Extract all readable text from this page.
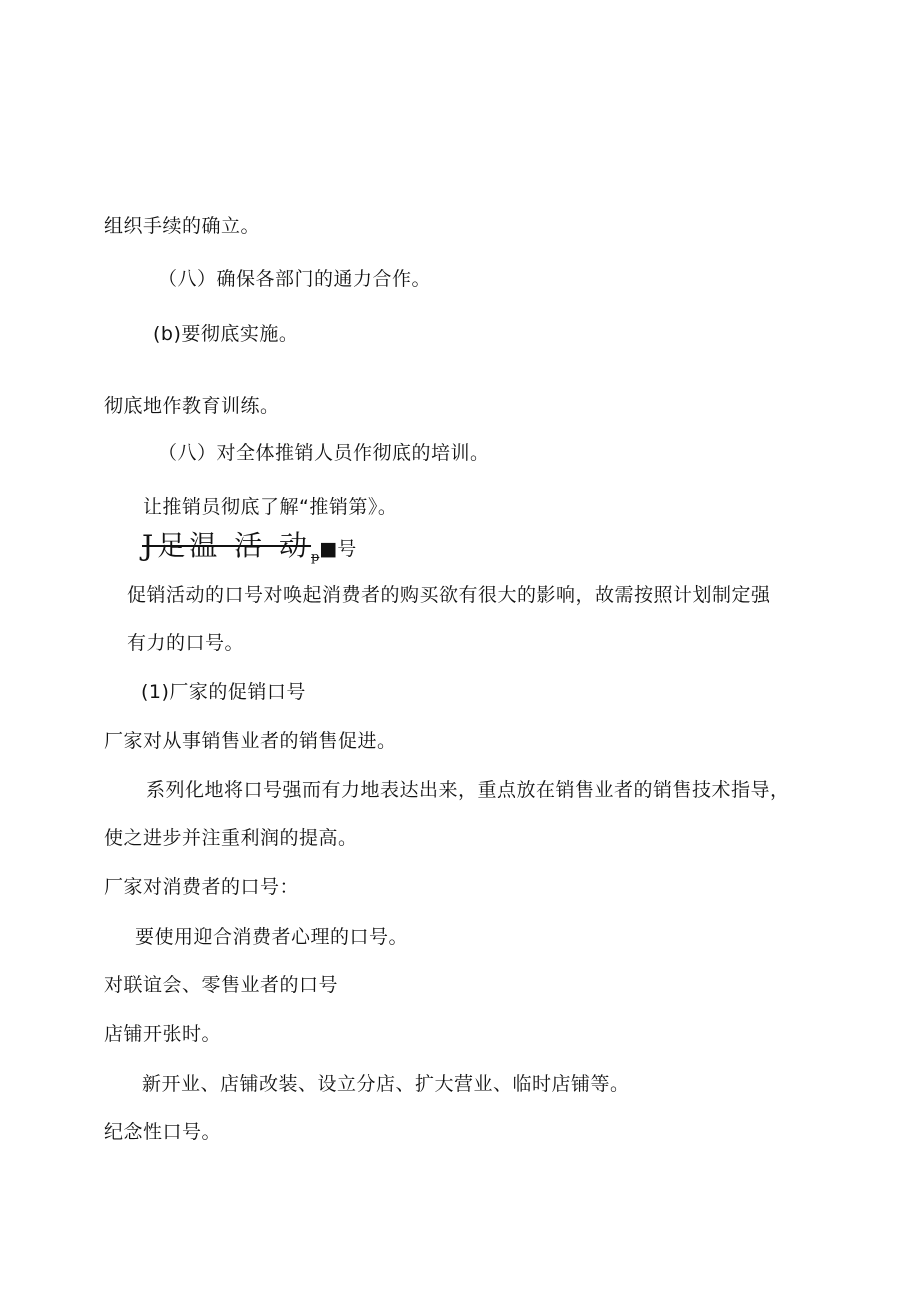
组织手续的确立。
（八）确保各部门的通力合作。
(b)要彻底实施。
彻底地作教育训练。
（八）对全体推销人员作彻底的培训。
让推销员彻底了解“推销第》。
J足温 活 动$_p$■号
促销活动的口号对唤起消费者的购买欲有很大的影响，故需按照计划制定强
有力的口号。
(1)厂家的促销口号
厂家对从事销售业者的销售促进。
系列化地将口号强而有力地表达出来，重点放在销售业者的销售技术指导，
使之进步并注重利润的提高。
厂家对消费者的口号：
要使用迎合消费者心理的口号。
对联谊会、零售业者的口号
店铺开张时。
新开业、店铺改装、设立分店、扩大营业、临时店铺等。
纪念性口号。
